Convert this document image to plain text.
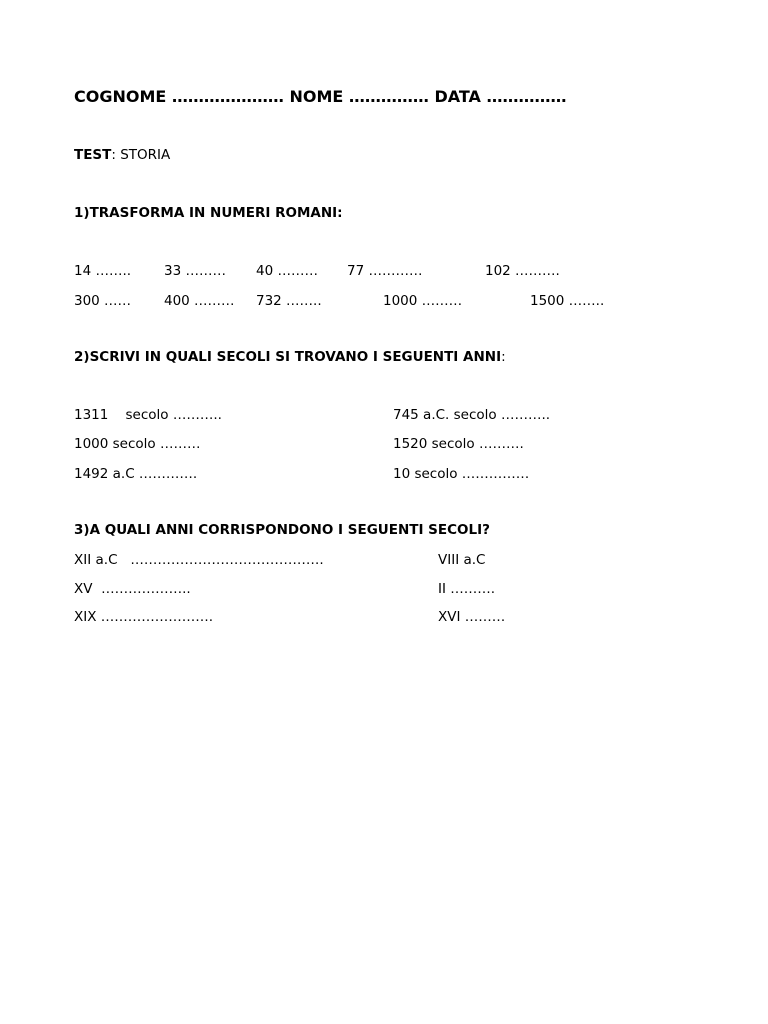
COGNOME ………………… NOME …………… DATA ……………
TEST: STORIA
1)TRASFORMA IN NUMERI ROMANI:
14 …….. 33 ……… 40 ……… 77 …………	102 ……….
300 …… 400 ……… 732 ……..	1000 ………	1500 ……..
2)SCRIVI IN QUALI SECOLI SI TROVANO I SEGUENTI ANNI:
1311    secolo ………..	745 a.C. secolo ………..
1000 secolo ………	1520 secolo ……….
1492 a.C ………….	10 secolo ……………
3)A QUALI ANNI CORRISPONDONO I SEGUENTI SECOLI?
XII a.C   …………………………………….	VIII a.C
XV  ………………..	II ……….
XIX …………………….	XVI ………
